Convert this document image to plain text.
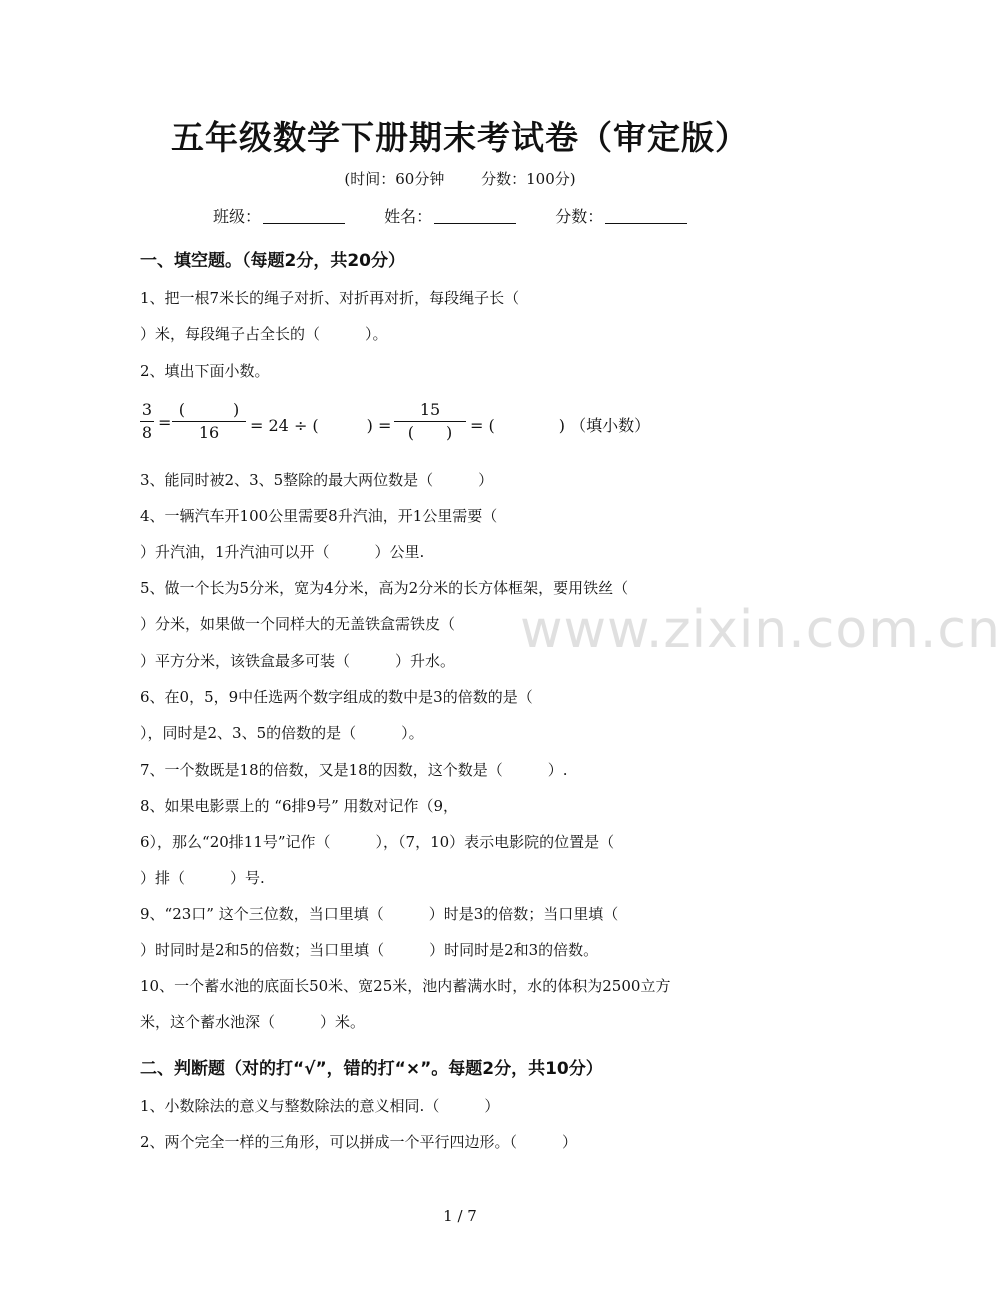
五年级数学下册期末考试卷（审定版）
(时间：60分钟 分数：100分)
班级：	姓名：	分数：
一、填空题。（每题2分，共20分）
1、把一根7米长的绳子对折、对折再对折，每段绳子长（
）米，每段绳子占全长的（　　　）。
2、填出下面小数。
3
8
=
(　　　)
16	= 24 ÷ (　　　) =
15
(　　)	= (　　　　) （填小数）
3、能同时被2、3、5整除的最大两位数是（　　　）
4、一辆汽车开100公里需要8升汽油，开1公里需要（
）升汽油，1升汽油可以开（　　　）公里.
5、做一个长为5分米，宽为4分米，高为2分米的长方体框架，要用铁丝（
）分米，如果做一个同样大的无盖铁盒需铁皮（
）平方分米，该铁盒最多可装（　　　）升水。
6、在0，5，9中任选两个数字组成的数中是3的倍数的是（
），同时是2、3、5的倍数的是（　　　）。
7、一个数既是18的倍数，又是18的因数，这个数是（　　　）.
8、如果电影票上的 “6排9号” 用数对记作（9，
6），那么“20排11号”记作（　　　），（7，10）表示电影院的位置是（
）排（　　　）号.
9、“23口” 这个三位数，当口里填（　　　）时是3的倍数；当口里填（
）时同时是2和5的倍数；当口里填（　　　）时同时是2和3的倍数。
10、一个蓄水池的底面长50米、宽25米，池内蓄满水时，水的体积为2500立方
米，这个蓄水池深（　　　）米。
二、判断题（对的打“√”，错的打“×”。每题2分，共10分）
1、小数除法的意义与整数除法的意义相同.（　　　）
2、两个完全一样的三角形，可以拼成一个平行四边形。（　　　）
www.zixin.com.cn
1 / 7
